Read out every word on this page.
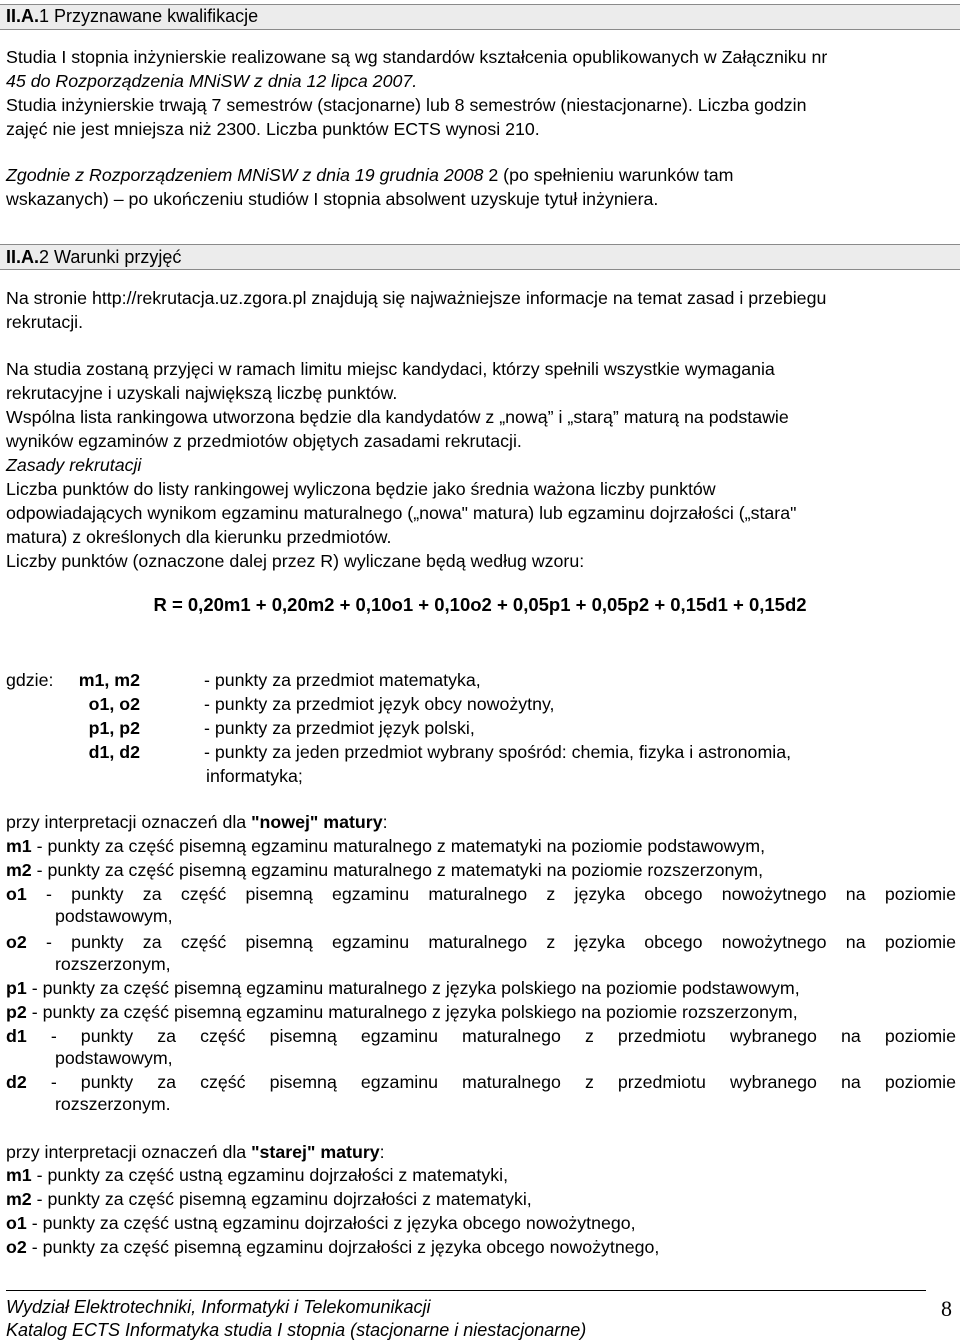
II.A.1 Przyznawane kwalifikacje
Studia I stopnia inżynierskie realizowane są wg standardów kształcenia opublikowanych w Załączniku nr
45 do Rozporządzenia MNiSW z dnia 12 lipca 2007.
Studia inżynierskie trwają 7 semestrów (stacjonarne) lub 8 semestrów (niestacjonarne). Liczba godzin
zajęć nie jest mniejsza niż 2300. Liczba punktów ECTS wynosi 210.
Zgodnie z Rozporządzeniem MNiSW z dnia 19 grudnia 2008 2 (po spełnieniu warunków tam
wskazanych) – po ukończeniu studiów I stopnia absolwent uzyskuje tytuł inżyniera.
II.A.2 Warunki przyjęć
Na stronie http://rekrutacja.uz.zgora.pl znajdują się najważniejsze informacje na temat zasad i przebiegu
rekrutacji.
Na studia zostaną przyjęci w ramach limitu miejsc kandydaci, którzy spełnili wszystkie wymagania
rekrutacyjne i uzyskali największą liczbę punktów.
Wspólna lista rankingowa utworzona będzie dla kandydatów z „nową” i „starą” maturą na podstawie
wyników egzaminów z przedmiotów objętych zasadami rekrutacji.
Zasady rekrutacji
Liczba punktów do listy rankingowej wyliczona będzie jako średnia ważona liczby punktów
odpowiadających wynikom egzaminu maturalnego („nowa" matura) lub egzaminu dojrzałości („stara"
matura) z określonych dla kierunku przedmiotów.
Liczby punktów (oznaczone dalej przez R) wyliczane będą według wzoru:
R = 0,20m1 + 0,20m2 + 0,10o1 + 0,10o2 + 0,05p1 + 0,05p2 + 0,15d1 + 0,15d2
gdzie:	m1, m2	- punkty za przedmiot matematyka,
o1, o2	- punkty za przedmiot język obcy nowożytny,
p1, p2	- punkty za przedmiot język polski,
d1, d2	- punkty za jeden przedmiot wybrany spośród: chemia, fizyka i astronomia,
informatyka;
przy interpretacji oznaczeń dla "nowej" matury:
m1 - punkty za część pisemną egzaminu maturalnego z matematyki na poziomie podstawowym,
m2 - punkty za część pisemną egzaminu maturalnego z matematyki na poziomie rozszerzonym,
o1 - punkty za część pisemną egzaminu maturalnego z języka obcego nowożytnego na poziomie
podstawowym,
o2 - punkty za część pisemną egzaminu maturalnego z języka obcego nowożytnego na poziomie
rozszerzonym,
p1 - punkty za część pisemną egzaminu maturalnego z języka polskiego na poziomie podstawowym,
p2 - punkty za część pisemną egzaminu maturalnego z języka polskiego na poziomie rozszerzonym,
d1 - punkty za część pisemną egzaminu maturalnego z przedmiotu wybranego na poziomie
podstawowym,
d2 - punkty za część pisemną egzaminu maturalnego z przedmiotu wybranego na poziomie
rozszerzonym.
przy interpretacji oznaczeń dla "starej" matury:
m1 - punkty za część ustną egzaminu dojrzałości z matematyki,
m2 - punkty za część pisemną egzaminu dojrzałości z matematyki,
o1 - punkty za część ustną egzaminu dojrzałości z języka obcego nowożytnego,
o2 - punkty za część pisemną egzaminu dojrzałości z języka obcego nowożytnego,
Wydział Elektrotechniki, Informatyki i Telekomunikacji
Katalog ECTS Informatyka studia I stopnia (stacjonarne i niestacjonarne)
8
